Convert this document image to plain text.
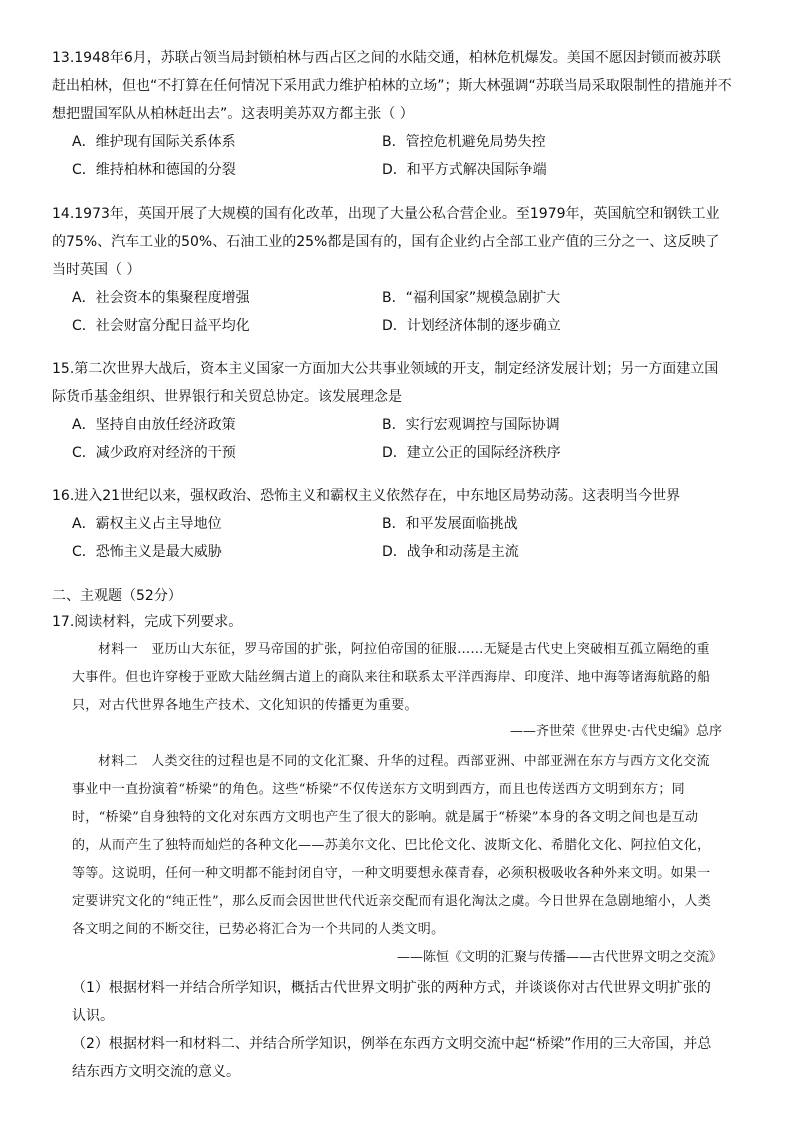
13.1948年6月，苏联占领当局封锁柏林与西占区之间的水陆交通，柏林危机爆发。美国不愿因封锁而被苏联赶出柏林，但也“不打算在任何情况下采用武力维护柏林的立场”；斯大林强调“苏联当局采取限制性的措施并不想把盟国军队从柏林赶出去”。这表明美苏双方都主张（ ）
A．维护现有国际关系体系	B．管控危机避免局势失控
C．维持柏林和德国的分裂	D．和平方式解决国际争端
14.1973年，英国开展了大规模的国有化改革，出现了大量公私合营企业。至1979年，英国航空和钢铁工业的75%、汽车工业的50%、石油工业的25%都是国有的，国有企业约占全部工业产值的三分之一、这反映了当时英国（ ）
A．社会资本的集聚程度增强	B．“福利国家”规模急剧扩大
C．社会财富分配日益平均化	D．计划经济体制的逐步确立
15.第二次世界大战后，资本主义国家一方面加大公共事业领域的开支，制定经济发展计划；另一方面建立国际货币基金组织、世界银行和关贸总协定。该发展理念是
A．坚持自由放任经济政策	B．实行宏观调控与国际协调
C．减少政府对经济的干预	D．建立公正的国际经济秩序
16.进入21世纪以来，强权政治、恐怖主义和霸权主义依然存在，中东地区局势动荡。这表明当今世界
A．霸权主义占主导地位	B．和平发展面临挑战
C．恐怖主义是最大威胁	D．战争和动荡是主流
二、主观题（52分）
17.阅读材料，完成下列要求。

材料一　亚历山大东征，罗马帝国的扩张，阿拉伯帝国的征服……无疑是古代史上突破相互孤立隔绝的重大事件。但也许穿梭于亚欧大陆丝绸古道上的商队来往和联系太平洋西海岸、印度洋、地中海等诸海航路的船只，对古代世界各地生产技术、文化知识的传播更为重要。

——齐世荣《世界史·古代史编》总序

材料二　人类交往的过程也是不同的文化汇聚、升华的过程。西部亚洲、中部亚洲在东方与西方文化交流事业中一直扮演着“桥梁”的角色。这些“桥梁”不仅传送东方文明到西方，而且也传送西方文明到东方；同时，“桥梁”自身独特的文化对东西方文明也产生了很大的影响。就是属于“桥梁”本身的各文明之间也是互动的，从而产生了独特而灿烂的各种文化——苏美尔文化、巴比伦文化、波斯文化、希腊化文化、阿拉伯文化，等等。这说明，任何一种文明都不能封闭自守，一种文明要想永葆青春，必须积极吸收各种外来文明。如果一定要讲究文化的“纯正性”，那么反而会因世世代代近亲交配而有退化淘汰之虞。今日世界在急剧地缩小，人类各文明之间的不断交往，已势必将汇合为一个共同的人类文明。

——陈恒《文明的汇聚与传播——古代世界文明之交流》
（1）根据材料一并结合所学知识，概括古代世界文明扩张的两种方式，并谈谈你对古代世界文明扩张的认识。
（2）根据材料一和材料二、并结合所学知识，例举在东西方文明交流中起“桥梁”作用的三大帝国，并总结东西方文明交流的意义。
